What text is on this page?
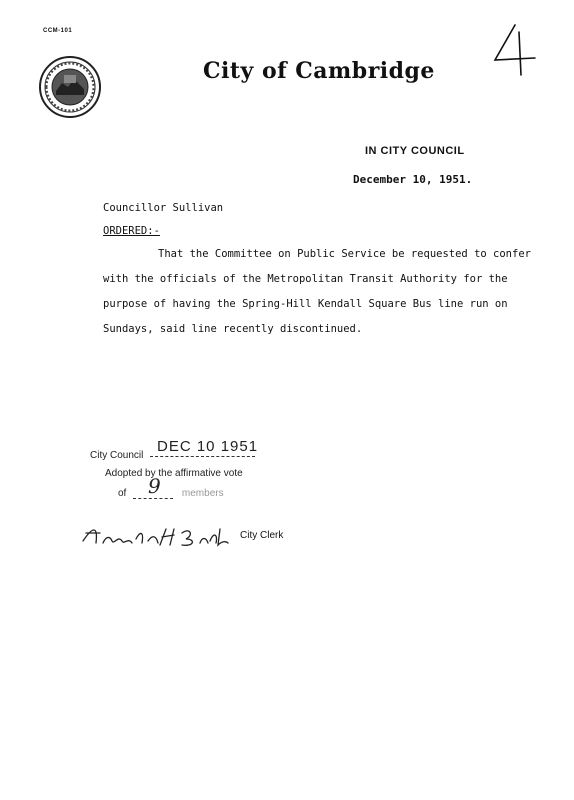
CCM-101
City of Cambridge
IN CITY COUNCIL
December 10, 1951.
Councillor Sullivan
ORDERED:-
That the Committee on Public Service be requested to confer
with the officials of the Metropolitan Transit Authority for the
purpose of having the Spring-Hill Kendall Square Bus line run on
Sundays, said line recently discontinued.
City Council
DEC 10 1951
Adopted by the affirmative vote
of	members
9
City Clerk
